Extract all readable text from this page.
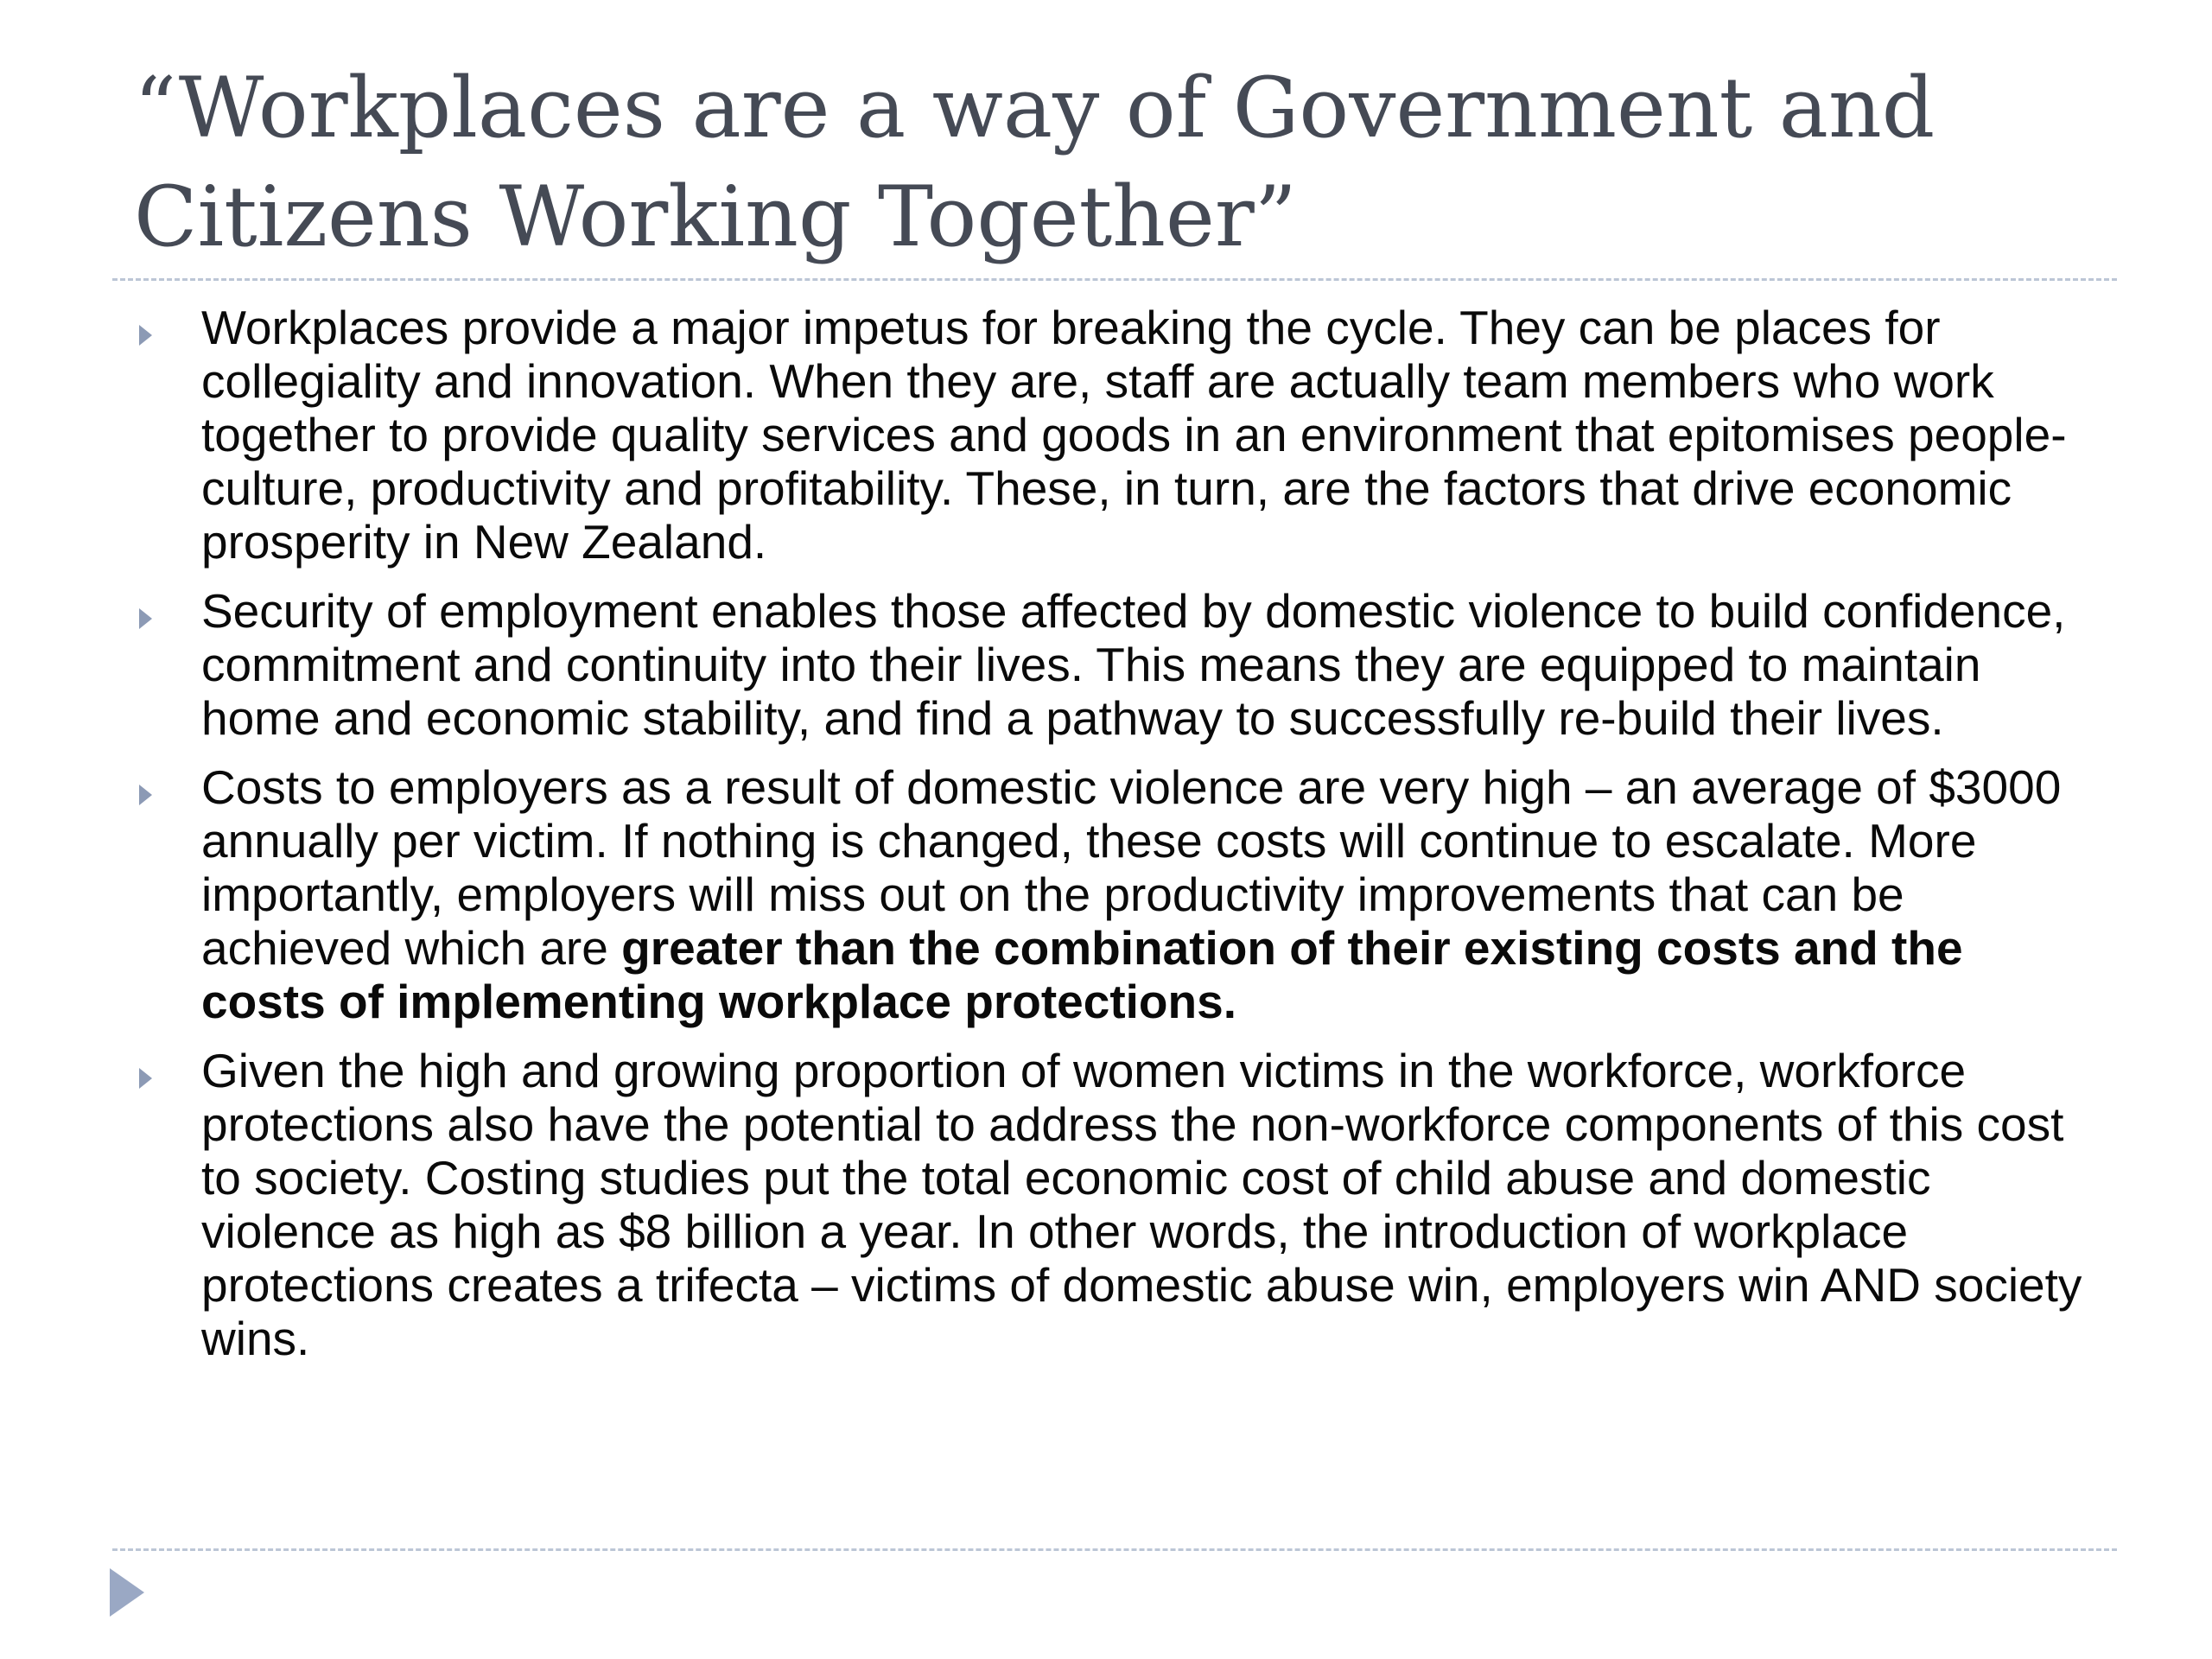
“Workplaces are a way of Government and
Citizens Working Together”

Workplaces provide a major impetus for breaking the cycle. They can be places for collegiality and innovation. When they are, staff are actually team members who work together to provide quality services and goods in an environment that epitomises people-culture, productivity and profitability. These, in turn, are the factors that drive economic prosperity in New Zealand.

Security of employment enables those affected by domestic violence to build confidence, commitment and continuity into their lives. This means they are equipped to maintain home and economic stability, and find a pathway to successfully re-build their lives.

Costs to employers as a result of domestic violence are very high – an average of $3000 annually per victim. If nothing is changed, these costs will continue to escalate. More importantly, employers will miss out on the productivity improvements that can be achieved which are greater than the combination of their existing costs and the costs of implementing workplace protections.

Given the high and growing proportion of women victims in the workforce, workforce protections also have the potential to address the non-workforce components of this cost to society. Costing studies put the total economic cost of child abuse and domestic violence as high as $8 billion a year. In other words, the introduction of workplace protections creates a trifecta – victims of domestic abuse win, employers win AND society wins.
